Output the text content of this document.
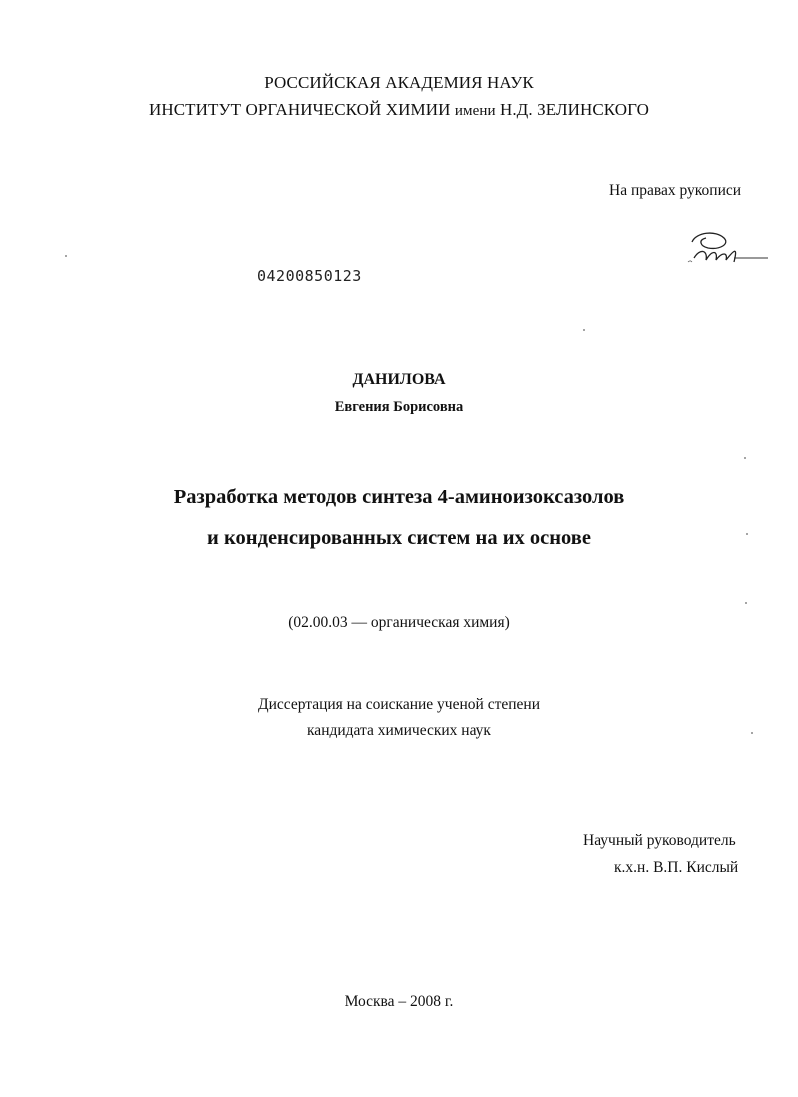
РОССИЙСКАЯ АКАДЕМИЯ НАУК
ИНСТИТУТ ОРГАНИЧЕСКОЙ ХИМИИ имени Н.Д. ЗЕЛИНСКОГО
На правах рукописи
04200850123
ДАНИЛОВА
Евгения Борисовна
Разработка методов синтеза 4-аминоизоксазолов
и конденсированных систем на их основе
(02.00.03 — органическая химия)
Диссертация на соискание ученой степени
кандидата химических наук
Научный руководитель
к.х.н. В.П. Кислый
Москва – 2008 г.
